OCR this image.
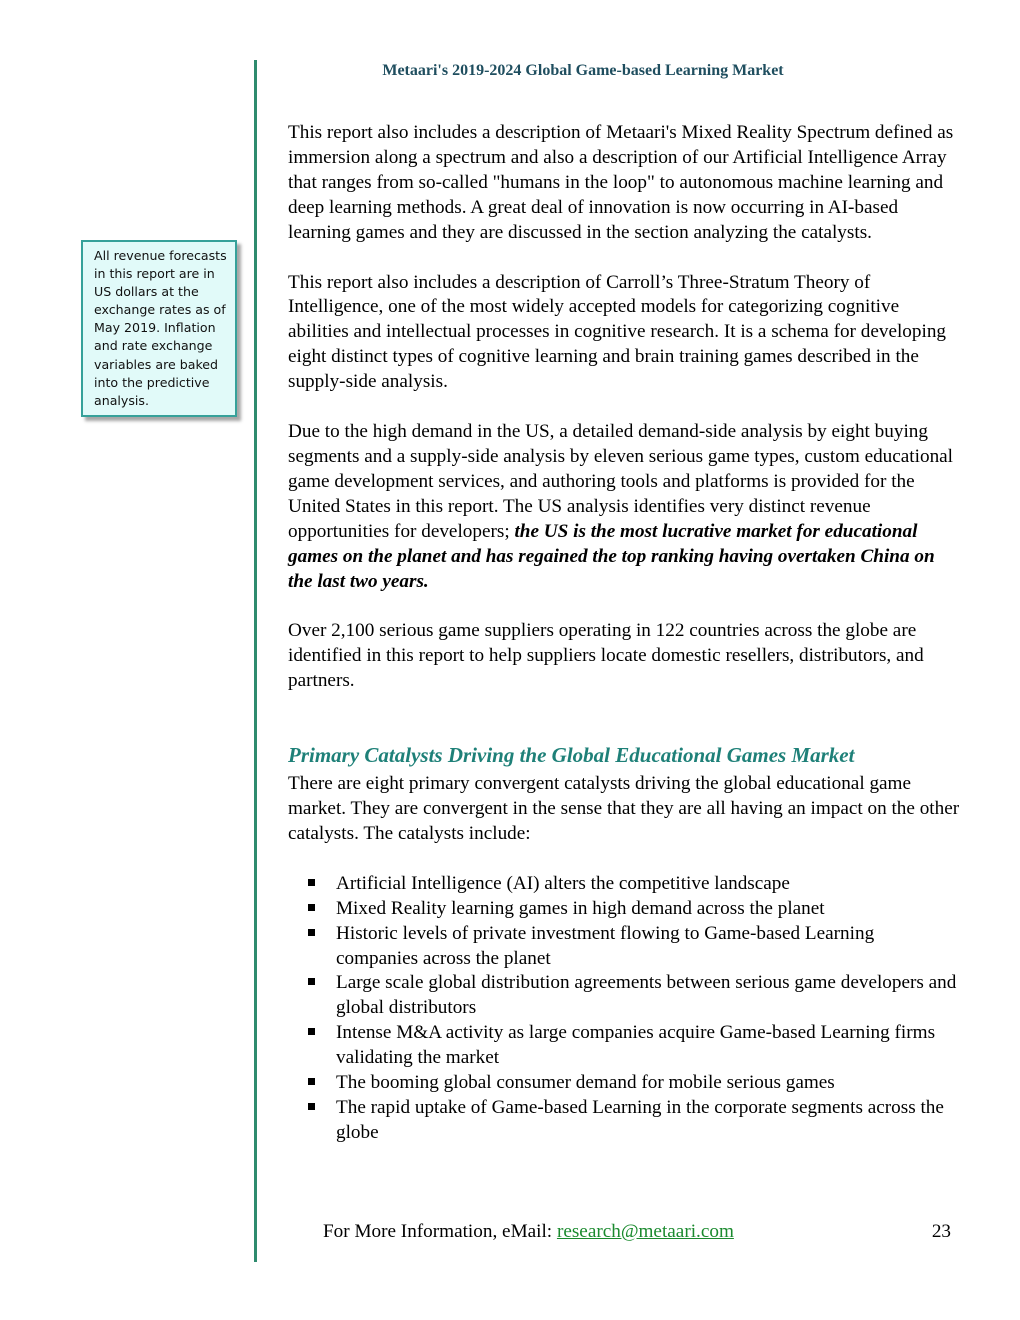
Metaari's 2019-2024 Global Game-based Learning Market
All revenue forecasts in this report are in US dollars at the exchange rates as of May 2019. Inflation and rate exchange variables are baked into the predictive analysis.

This report also includes a description of Metaari's Mixed Reality Spectrum defined as immersion along a spectrum and also a description of our Artificial Intelligence Array that ranges from so-called "humans in the loop" to autonomous machine learning and deep learning methods. A great deal of innovation is now occurring in AI-based learning games and they are discussed in the section analyzing the catalysts.

This report also includes a description of Carroll’s Three-Stratum Theory of Intelligence, one of the most widely accepted models for categorizing cognitive abilities and intellectual processes in cognitive research. It is a schema for developing eight distinct types of cognitive learning and brain training games described in the supply-side analysis.

Due to the high demand in the US, a detailed demand-side analysis by eight buying segments and a supply-side analysis by eleven serious game types, custom educational game development services, and authoring tools and platforms is provided for the United States in this report. The US analysis identifies very distinct revenue opportunities for developers; the US is the most lucrative market for educational games on the planet and has regained the top ranking having overtaken China on the last two years.

Over 2,100 serious game suppliers operating in 122 countries across the globe are identified in this report to help suppliers locate domestic resellers, distributors, and partners.

Primary Catalysts Driving the Global Educational Games Market

There are eight primary convergent catalysts driving the global educational game market. They are convergent in the sense that they are all having an impact on the other catalysts. The catalysts include:

Artificial Intelligence (AI) alters the competitive landscape
Mixed Reality learning games in high demand across the planet
Historic levels of private investment flowing to Game-based Learning companies across the planet
Large scale global distribution agreements between serious game developers and global distributors
Intense M&A activity as large companies acquire Game-based Learning firms validating the market
The booming global consumer demand for mobile serious games
The rapid uptake of Game-based Learning in the corporate segments across the globe
For More Information, eMail: research@metaari.com	23
